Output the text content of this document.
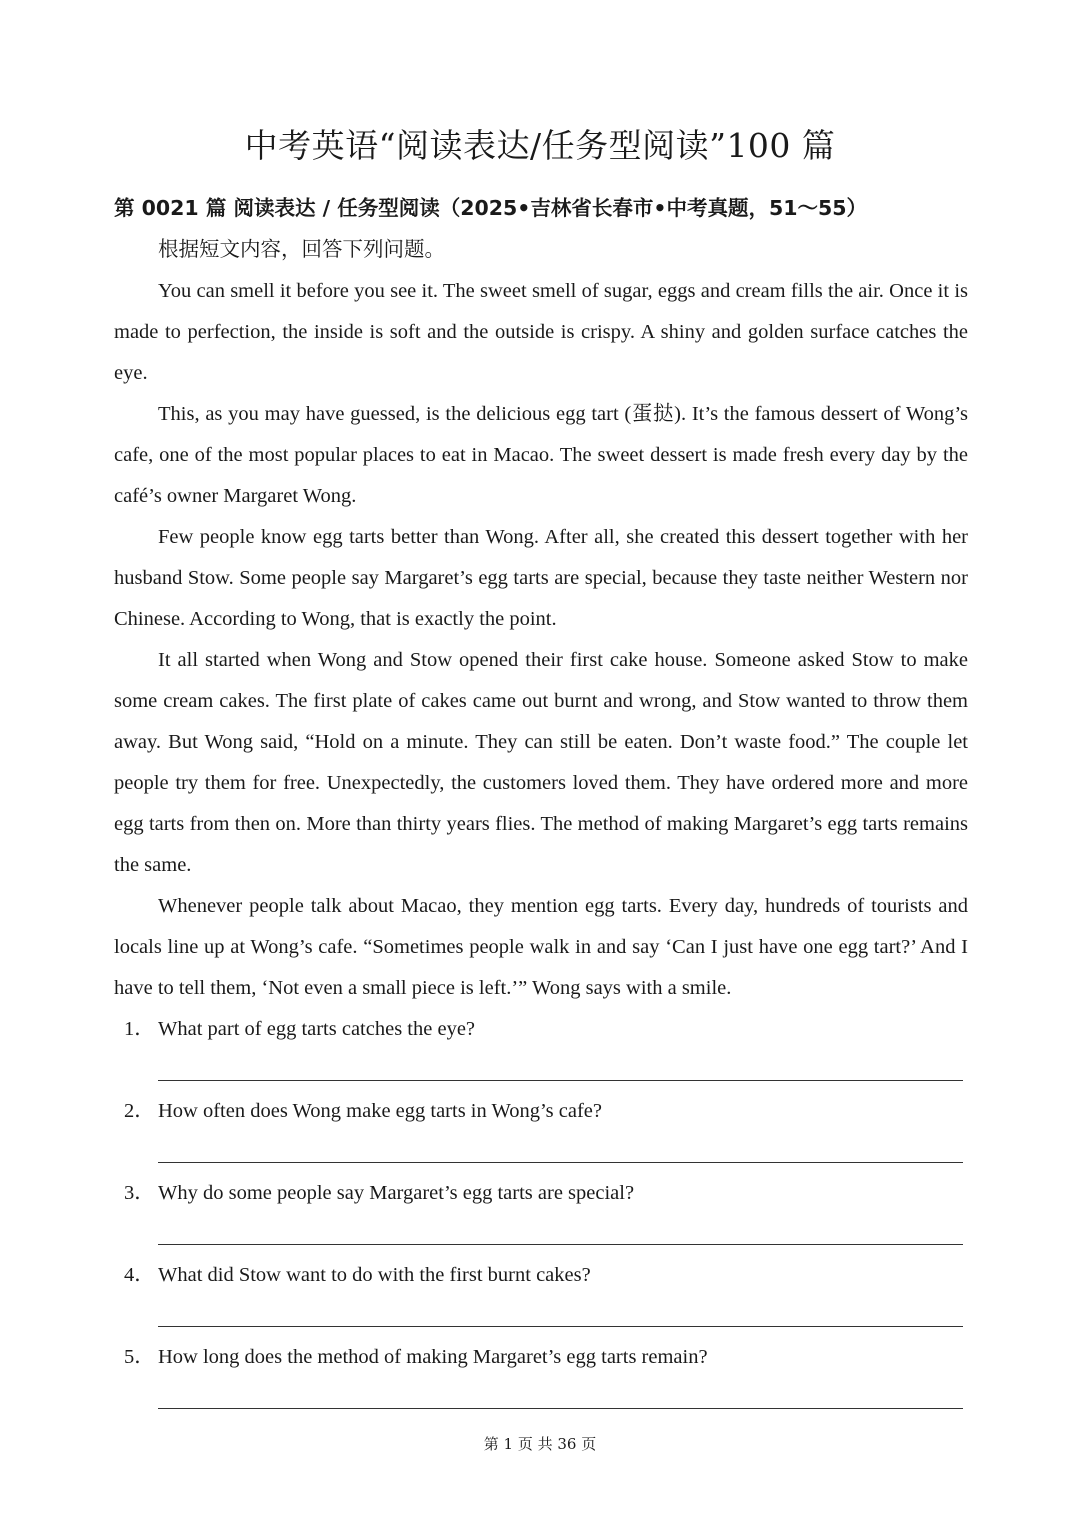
中考英语“阅读表达/任务型阅读”100 篇
第 0021 篇 阅读表达 / 任务型阅读（2025•吉林省长春市•中考真题，51～55）
根据短文内容，回答下列问题。

You can smell it before you see it. The sweet smell of sugar, eggs and cream fills the air. Once it is made to perfection, the inside is soft and the outside is crispy. A shiny and golden surface catches the eye.

This, as you may have guessed, is the delicious egg tart (蛋挞). It’s the famous dessert of Wong’s cafe, one of the most popular places to eat in Macao. The sweet dessert is made fresh every day by the café’s owner Margaret Wong.

Few people know egg tarts better than Wong. After all, she created this dessert together with her husband Stow. Some people say Margaret’s egg tarts are special, because they taste neither Western nor Chinese. According to Wong, that is exactly the point.

It all started when Wong and Stow opened their first cake house. Someone asked Stow to make some cream cakes. The first plate of cakes came out burnt and wrong, and Stow wanted to throw them away. But Wong said, “Hold on a minute. They can still be eaten. Don’t waste food.” The couple let people try them for free. Unexpectedly, the customers loved them. They have ordered more and more egg tarts from then on. More than thirty years flies. The method of making Margaret’s egg tarts remains the same.

Whenever people talk about Macao, they mention egg tarts. Every day, hundreds of tourists and locals line up at Wong’s cafe. “Sometimes people walk in and say ‘Can I just have one egg tart?’ And I have to tell them, ‘Not even a small piece is left.’” Wong says with a smile.

1． What part of egg tarts catches the eye?
2． How often does Wong make egg tarts in Wong’s cafe?
3． Why do some people say Margaret’s egg tarts are special?
4． What did Stow want to do with the first burnt cakes?
5． How long does the method of making Margaret’s egg tarts remain?
第 1 页 共 36 页
